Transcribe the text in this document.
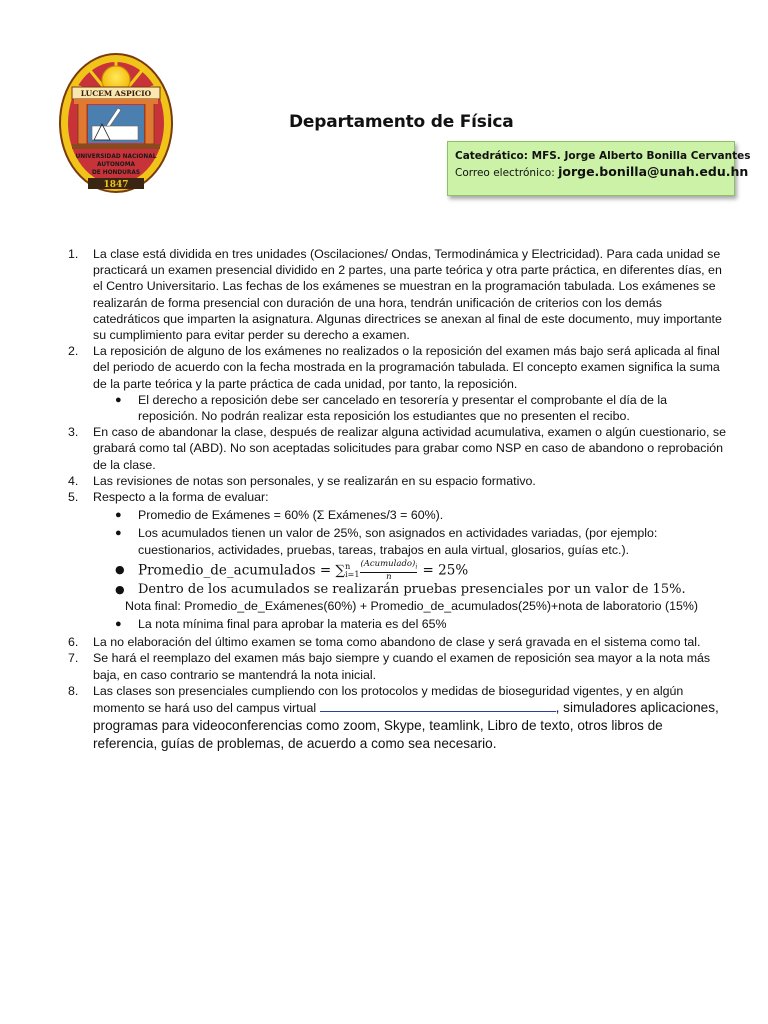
LUCEM ASPICIO
UNIVERSIDAD NACIONAL
AUTONOMA
DE HONDURAS
1847
Departamento de Física
Catedrático: MFS. Jorge Alberto Bonilla Cervantes
Correo electrónico: jorge.bonilla@unah.edu.hn
1. La clase está dividida en tres unidades (Oscilaciones/ Ondas, Termodinámica y Electricidad). Para cada unidad se practicará un examen presencial dividido en 2 partes, una parte teórica y otra parte práctica, en diferentes días, en el Centro Universitario. Las fechas de los exámenes se muestran en la programación tabulada. Los exámenes se realizarán de forma presencial con duración de una hora, tendrán unificación de criterios con los demás catedráticos que imparten la asignatura. Algunas directrices se anexan al final de este documento, muy importante su cumplimiento para evitar perder su derecho a examen.
2. La reposición de alguno de los exámenes no realizados o la reposición del examen más bajo será aplicada al final del periodo de acuerdo con la fecha mostrada en la programación tabulada. El concepto examen significa la suma de la parte teórica y la parte práctica de cada unidad, por tanto, la reposición.
● El derecho a reposición debe ser cancelado en tesorería y presentar el comprobante el día de la reposición. No podrán realizar esta reposición los estudiantes que no presenten el recibo.
3. En caso de abandonar la clase, después de realizar alguna actividad acumulativa, examen o algún cuestionario, se grabará como tal (ABD). No son aceptadas solicitudes para grabar como NSP en caso de abandono o reprobación de la clase.
4. Las revisiones de notas son personales, y se realizarán en su espacio formativo.
5. Respecto a la forma de evaluar:
● Promedio de Exámenes = 60% (Σ Exámenes/3 = 60%).
● Los acumulados tienen un valor de 25%, son asignados en actividades variadas, (por ejemplo: cuestionarios, actividades, pruebas, tareas, trabajos en aula virtual, glosarios, guías etc.).
● Promedio_de_acumulados = ∑ n
$i=1 \frac{(Acumulado)_i}{n} = 25\%$
● Dentro de los acumulados se realizarán pruebas presenciales por un valor de 15%.
Nota final: Promedio_de_Exámenes(60%) + Promedio_de_acumulados(25%)+nota de laboratorio (15%)
● La nota mínima final para aprobar la materia es del 65%
6. La no elaboración del último examen se toma como abandono de clase y será gravada en el sistema como tal.
7. Se hará el reemplazo del examen más bajo siempre y cuando el examen de reposición sea mayor a la nota más baja, en caso contrario se mantendrá la nota inicial.
8. Las clases son presenciales cumpliendo con los protocolos y medidas de bioseguridad vigentes, y en algún momento se hará uso del campus virtual	, simuladores aplicaciones, programas para videoconferencias como zoom, Skype, teamlink, Libro de texto, otros libros de referencia, guías de problemas, de acuerdo a como sea necesario.
